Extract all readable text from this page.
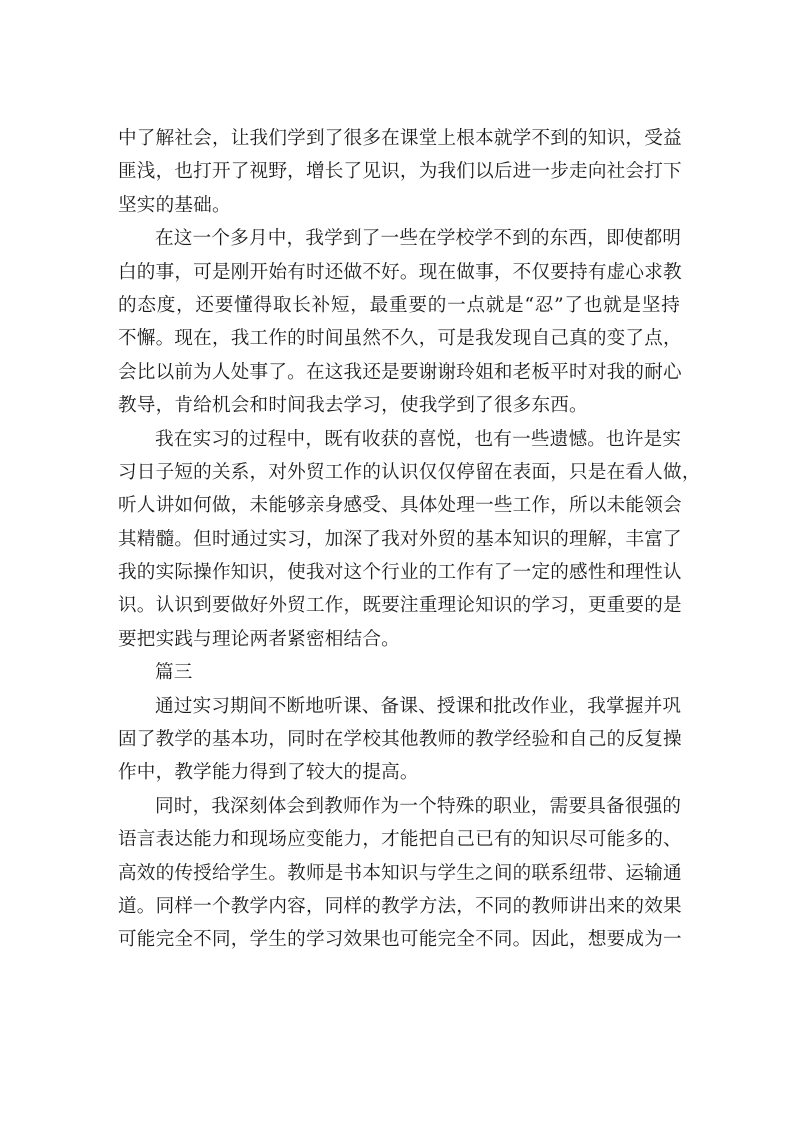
中了解社会，让我们学到了很多在课堂上根本就学不到的知识，受益
匪浅，也打开了视野，增长了见识，为我们以后进一步走向社会打下
坚实的基础。
在这一个多月中，我学到了一些在学校学不到的东西，即使都明
白的事，可是刚开始有时还做不好。现在做事，不仅要持有虚心求教
的态度，还要懂得取长补短，最重要的一点就是“忍”了也就是坚持
不懈。现在，我工作的时间虽然不久，可是我发现自己真的变了点，
会比以前为人处事了。在这我还是要谢谢玲姐和老板平时对我的耐心
教导，肯给机会和时间我去学习，使我学到了很多东西。
我在实习的过程中，既有收获的喜悦，也有一些遗憾。也许是实
习日子短的关系，对外贸工作的认识仅仅停留在表面，只是在看人做，
听人讲如何做，未能够亲身感受、具体处理一些工作，所以未能领会
其精髓。但时通过实习，加深了我对外贸的基本知识的理解，丰富了
我的实际操作知识，使我对这个行业的工作有了一定的感性和理性认
识。认识到要做好外贸工作，既要注重理论知识的学习，更重要的是
要把实践与理论两者紧密相结合。
篇三
通过实习期间不断地听课、备课、授课和批改作业，我掌握并巩
固了教学的基本功，同时在学校其他教师的教学经验和自己的反复操
作中，教学能力得到了较大的提高。
同时，我深刻体会到教师作为一个特殊的职业，需要具备很强的
语言表达能力和现场应变能力，才能把自己已有的知识尽可能多的、
高效的传授给学生。教师是书本知识与学生之间的联系纽带、运输通
道。同样一个教学内容，同样的教学方法，不同的教师讲出来的效果
可能完全不同，学生的学习效果也可能完全不同。因此，想要成为一
